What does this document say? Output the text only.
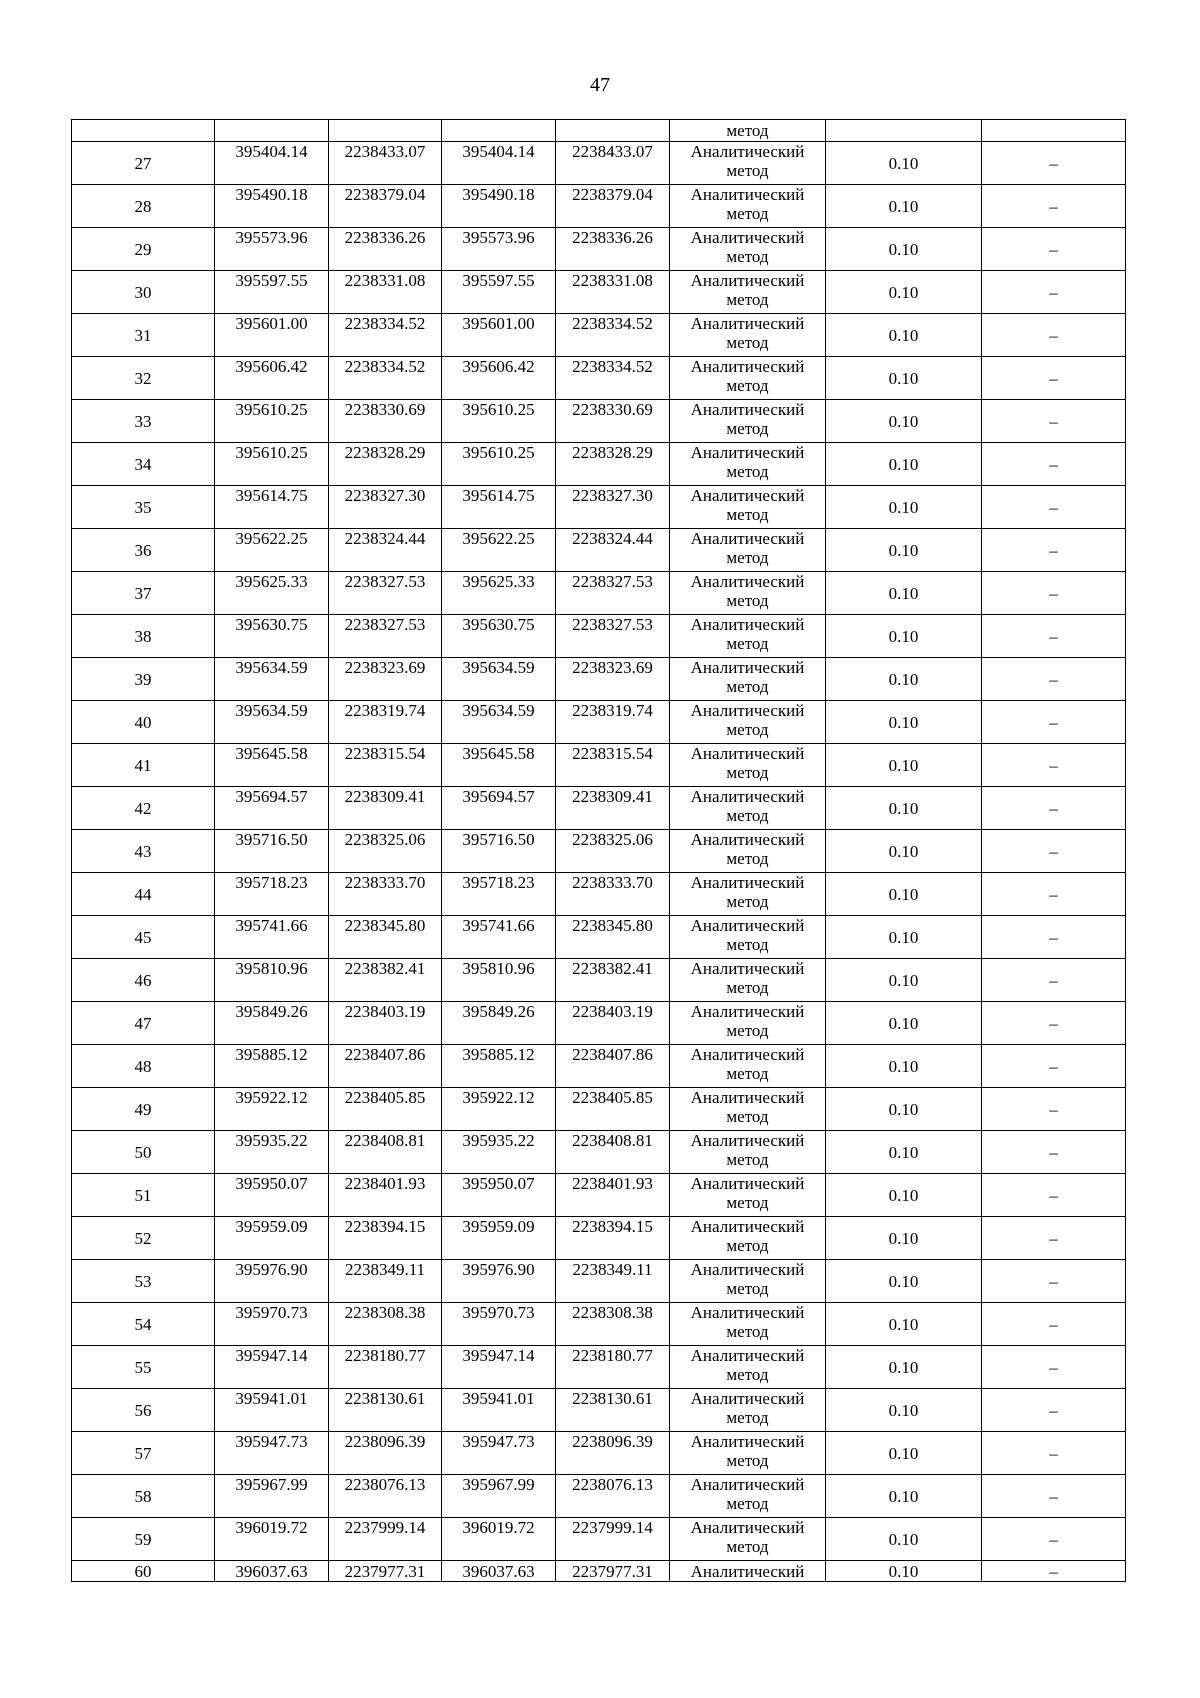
47
					метод		
27	395404.14	2238433.07	395404.14	2238433.07	Аналитический
метод	0.10	–
28	395490.18	2238379.04	395490.18	2238379.04	Аналитический
метод	0.10	–
29	395573.96	2238336.26	395573.96	2238336.26	Аналитический
метод	0.10	–
30	395597.55	2238331.08	395597.55	2238331.08	Аналитический
метод	0.10	–
31	395601.00	2238334.52	395601.00	2238334.52	Аналитический
метод	0.10	–
32	395606.42	2238334.52	395606.42	2238334.52	Аналитический
метод	0.10	–
33	395610.25	2238330.69	395610.25	2238330.69	Аналитический
метод	0.10	–
34	395610.25	2238328.29	395610.25	2238328.29	Аналитический
метод	0.10	–
35	395614.75	2238327.30	395614.75	2238327.30	Аналитический
метод	0.10	–
36	395622.25	2238324.44	395622.25	2238324.44	Аналитический
метод	0.10	–
37	395625.33	2238327.53	395625.33	2238327.53	Аналитический
метод	0.10	–
38	395630.75	2238327.53	395630.75	2238327.53	Аналитический
метод	0.10	–
39	395634.59	2238323.69	395634.59	2238323.69	Аналитический
метод	0.10	–
40	395634.59	2238319.74	395634.59	2238319.74	Аналитический
метод	0.10	–
41	395645.58	2238315.54	395645.58	2238315.54	Аналитический
метод	0.10	–
42	395694.57	2238309.41	395694.57	2238309.41	Аналитический
метод	0.10	–
43	395716.50	2238325.06	395716.50	2238325.06	Аналитический
метод	0.10	–
44	395718.23	2238333.70	395718.23	2238333.70	Аналитический
метод	0.10	–
45	395741.66	2238345.80	395741.66	2238345.80	Аналитический
метод	0.10	–
46	395810.96	2238382.41	395810.96	2238382.41	Аналитический
метод	0.10	–
47	395849.26	2238403.19	395849.26	2238403.19	Аналитический
метод	0.10	–
48	395885.12	2238407.86	395885.12	2238407.86	Аналитический
метод	0.10	–
49	395922.12	2238405.85	395922.12	2238405.85	Аналитический
метод	0.10	–
50	395935.22	2238408.81	395935.22	2238408.81	Аналитический
метод	0.10	–
51	395950.07	2238401.93	395950.07	2238401.93	Аналитический
метод	0.10	–
52	395959.09	2238394.15	395959.09	2238394.15	Аналитический
метод	0.10	–
53	395976.90	2238349.11	395976.90	2238349.11	Аналитический
метод	0.10	–
54	395970.73	2238308.38	395970.73	2238308.38	Аналитический
метод	0.10	–
55	395947.14	2238180.77	395947.14	2238180.77	Аналитический
метод	0.10	–
56	395941.01	2238130.61	395941.01	2238130.61	Аналитический
метод	0.10	–
57	395947.73	2238096.39	395947.73	2238096.39	Аналитический
метод	0.10	–
58	395967.99	2238076.13	395967.99	2238076.13	Аналитический
метод	0.10	–
59	396019.72	2237999.14	396019.72	2237999.14	Аналитический
метод	0.10	–
60	396037.63	2237977.31	396037.63	2237977.31	Аналитический	0.10	–
